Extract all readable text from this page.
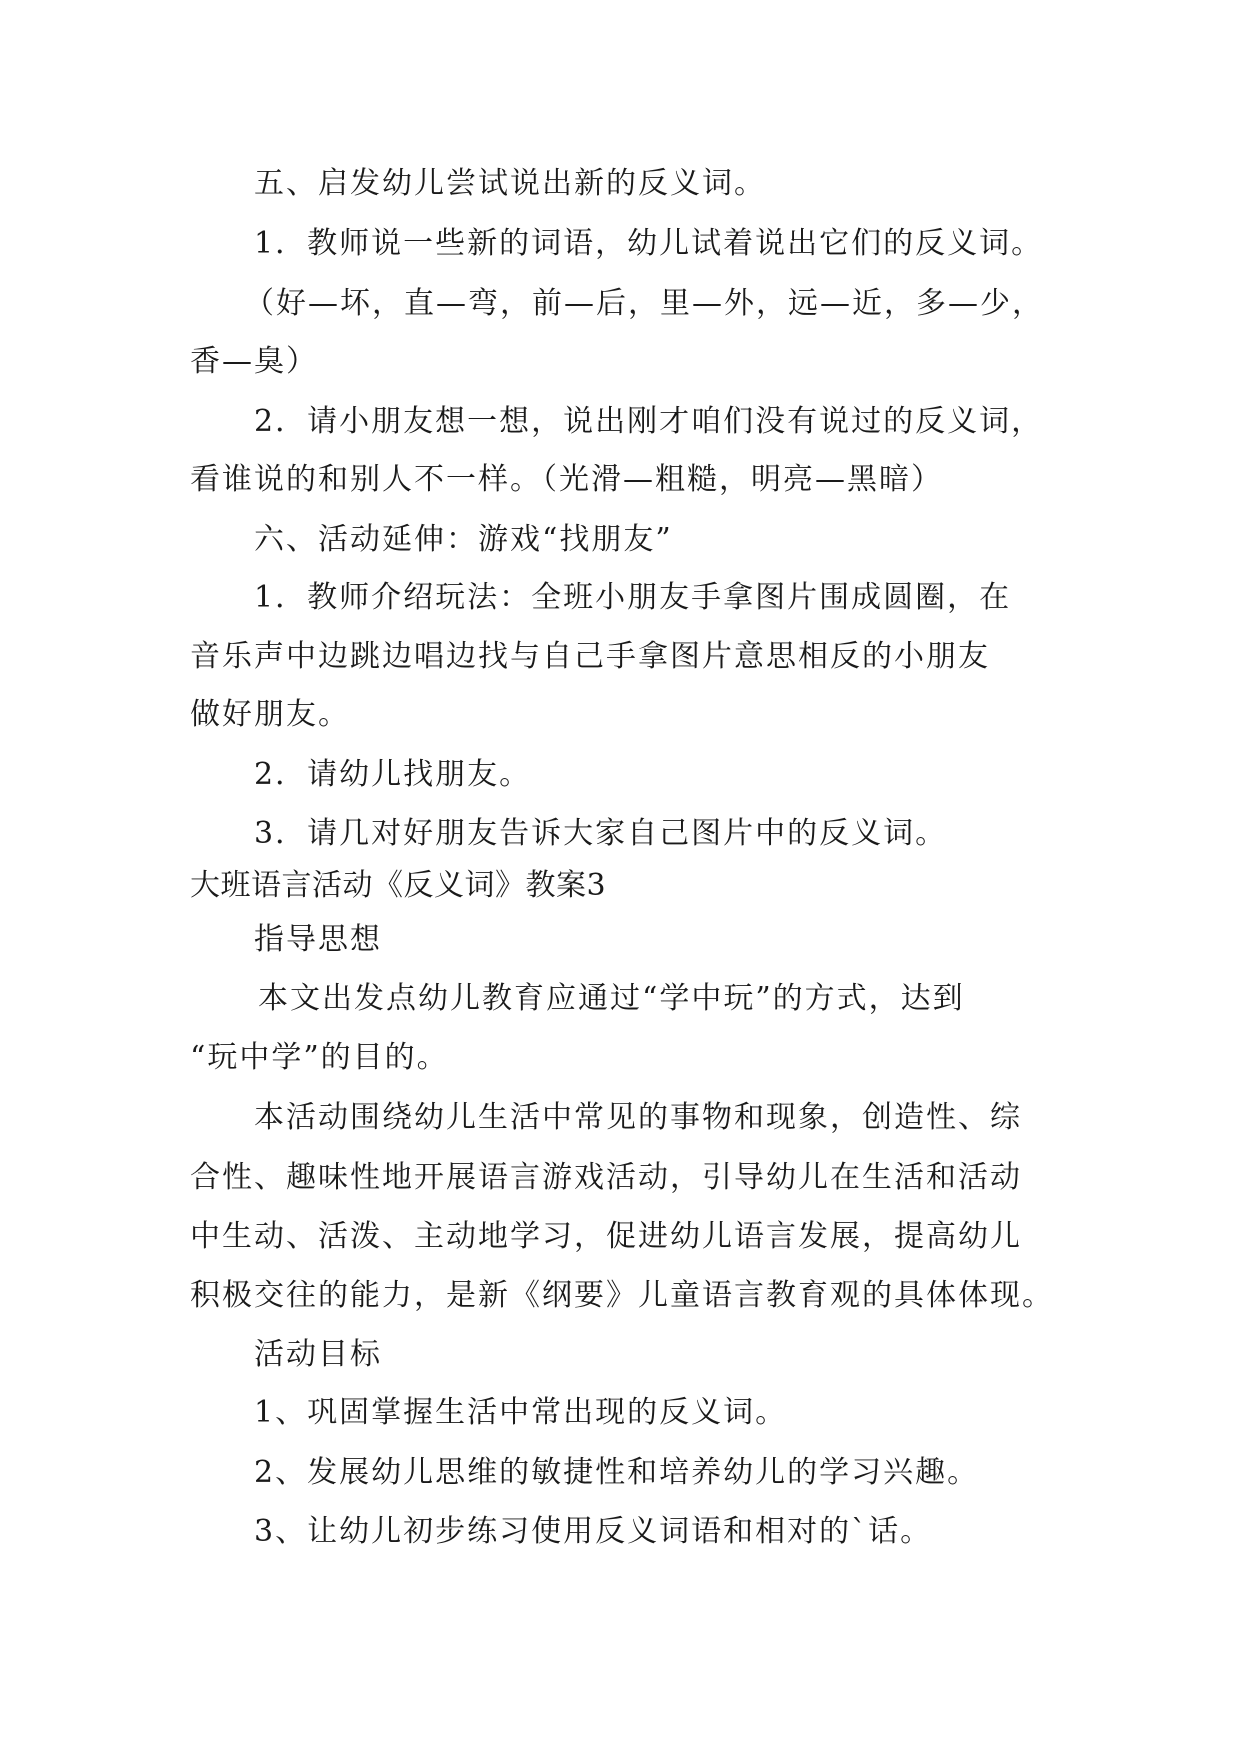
五、启发幼儿尝试说出新的反义词。
1．教师说一些新的词语，幼儿试着说出它们的反义词。
（好—坏，直—弯，前—后，里—外，远—近，多—少，
香—臭）
2．请小朋友想一想，说出刚才咱们没有说过的反义词，
看谁说的和别人不一样。（光滑—粗糙，明亮—黑暗）
六、活动延伸：游戏“找朋友”
1．教师介绍玩法：全班小朋友手拿图片围成圆圈，在
音乐声中边跳边唱边找与自己手拿图片意思相反的小朋友
做好朋友。
2．请幼儿找朋友。
3．请几对好朋友告诉大家自己图片中的反义词。
大班语言活动《反义词》教案3
指导思想
本文出发点幼儿教育应通过“学中玩”的方式，达到
“玩中学”的目的。
本活动围绕幼儿生活中常见的事物和现象，创造性、综
合性、趣味性地开展语言游戏活动，引导幼儿在生活和活动
中生动、活泼、主动地学习，促进幼儿语言发展，提高幼儿
积极交往的能力，是新《纲要》儿童语言教育观的具体体现。
活动目标
1、巩固掌握生活中常出现的反义词。
2、发展幼儿思维的敏捷性和培养幼儿的学习兴趣。
3、让幼儿初步练习使用反义词语和相对的`话。
